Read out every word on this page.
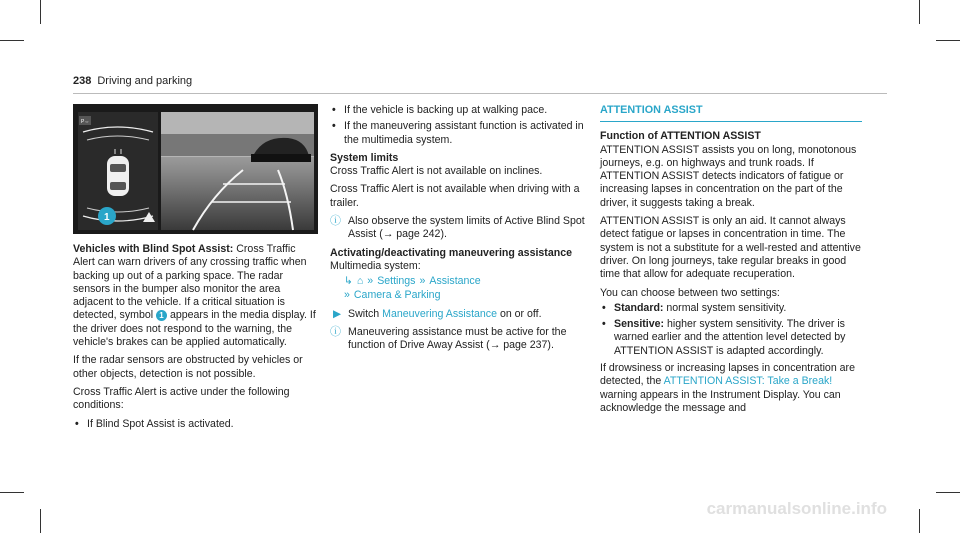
238 Driving and parking
P⇔
1

Vehicles with Blind Spot Assist: Cross Traffic Alert can warn drivers of any crossing traffic when backing up out of a parking space. The radar sensors in the bumper also monitor the area adjacent to the vehicle. If a critical situation is detected, symbol 1 appears in the media display. If the driver does not respond to the warning, the vehicle's brakes can be applied automatically.

If the radar sensors are obstructed by vehicles or other objects, detection is not possible.

Cross Traffic Alert is active under the following conditions:

• If Blind Spot Assist is activated.
• If the vehicle is backing up at walking pace.
• If the maneuvering assistant function is activated in the multimedia system.

System limits

Cross Traffic Alert is not available on inclines.

Cross Traffic Alert is not available when driving with a trailer.

ⓘ Also observe the system limits of Active Blind Spot Assist (→ page 242).

Activating/deactivating maneuvering assistance

Multimedia system:

↳ ⌂ » Settings » Assistance
» Camera & Parking
▶ Switch Maneuvering Assistance on or off.
ⓘ Maneuvering assistance must be active for the function of Drive Away Assist (→ page 237).
ATTENTION ASSIST

Function of ATTENTION ASSIST

ATTENTION ASSIST assists you on long, monotonous journeys, e.g. on highways and trunk roads. If ATTENTION ASSIST detects indicators of fatigue or increasing lapses in concentration on the part of the driver, it suggests taking a break.

ATTENTION ASSIST is only an aid. It cannot always detect fatigue or lapses in concentration in time. The system is not a substitute for a well-rested and attentive driver. On long journeys, take regular breaks in good time that allow for adequate recuperation.

You can choose between two settings:

• Standard: normal system sensitivity.
• Sensitive: higher system sensitivity. The driver is warned earlier and the attention level detected by ATTENTION ASSIST is adapted accordingly.

If drowsiness or increasing lapses in concentration are detected, the ATTENTION ASSIST: Take a Break! warning appears in the Instrument Display. You can acknowledge the message and

carmanualsonline.info
